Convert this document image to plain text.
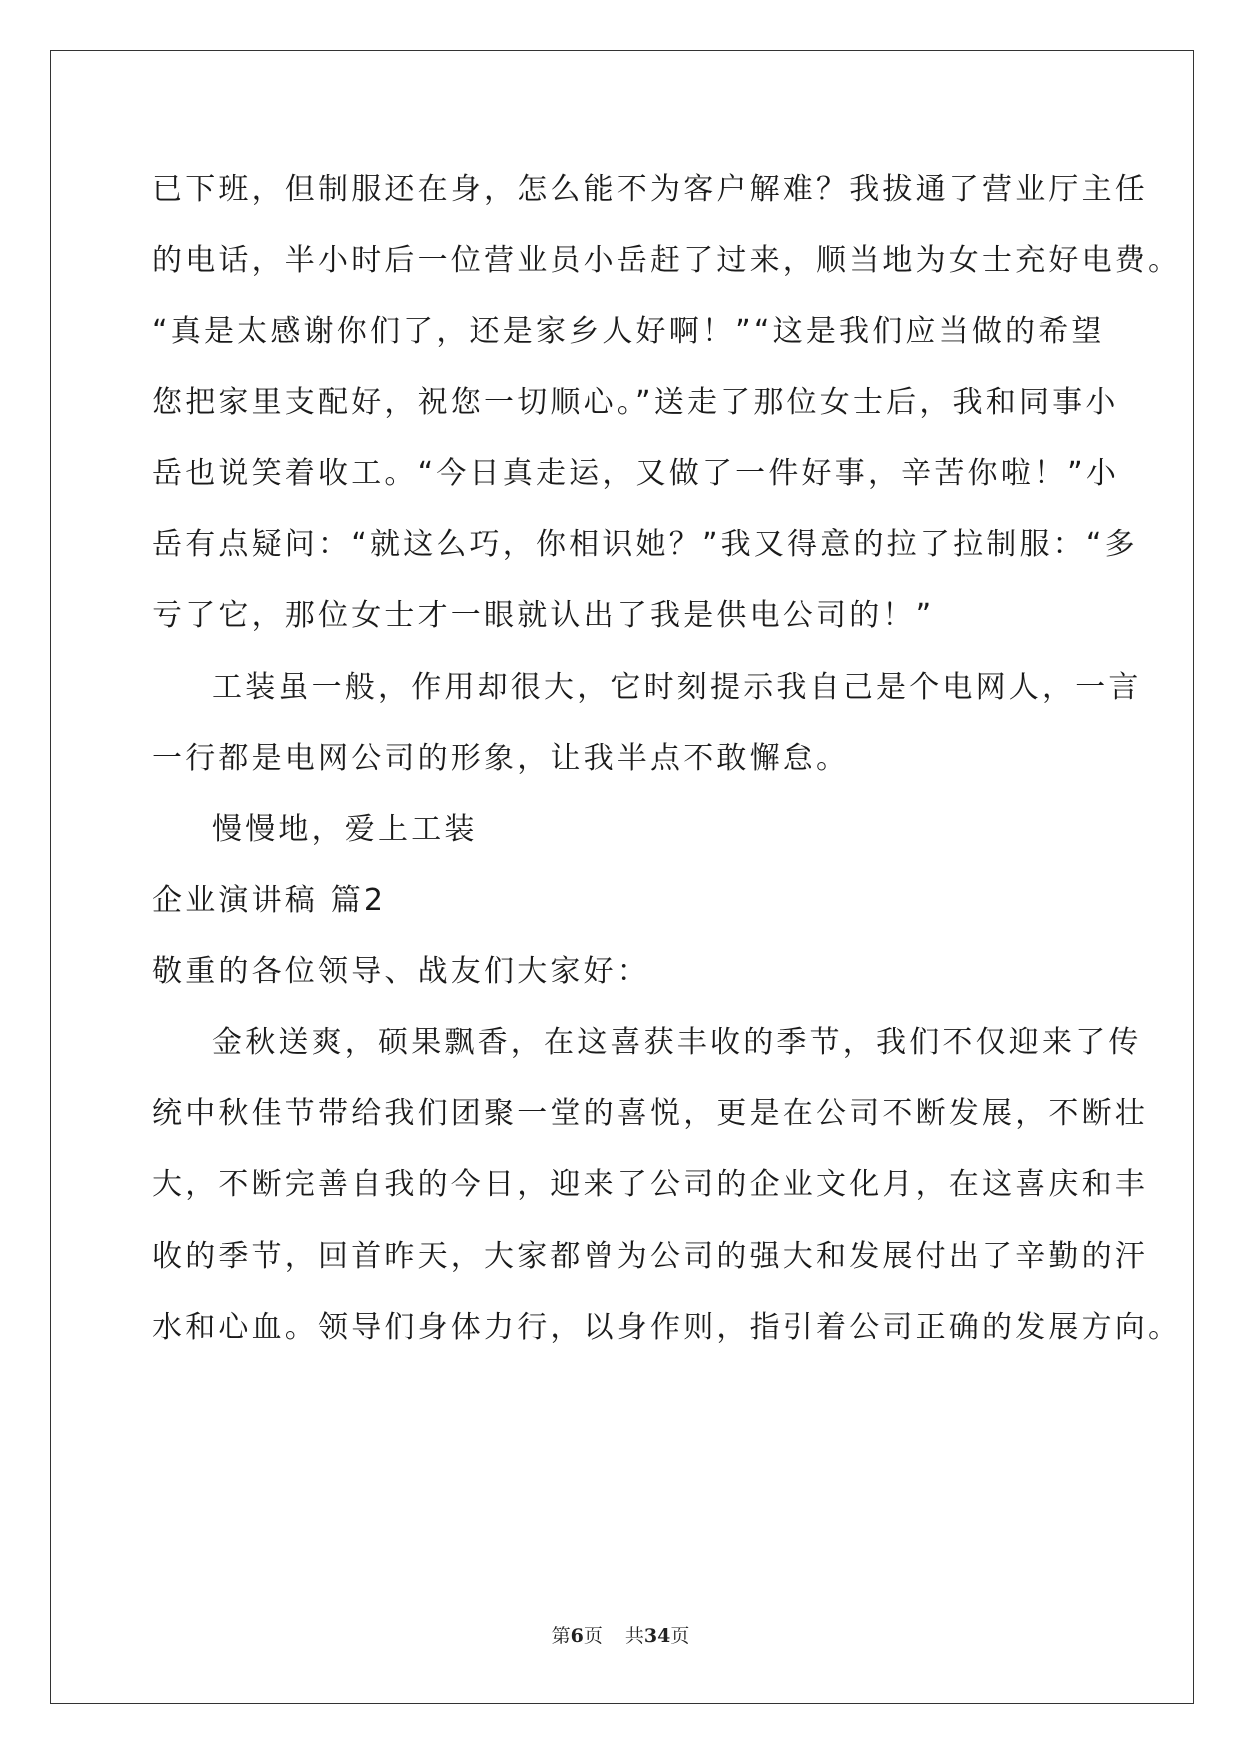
已下班，但制服还在身，怎么能不为客户解难？我拔通了营业厅主任
的电话，半小时后一位营业员小岳赶了过来，顺当地为女士充好电费。
“真是太感谢你们了，还是家乡人好啊！”“这是我们应当做的希望
您把家里支配好，祝您一切顺心。”送走了那位女士后，我和同事小
岳也说笑着收工。“今日真走运，又做了一件好事，辛苦你啦！”小
岳有点疑问：“就这么巧，你相识她？”我又得意的拉了拉制服：“多
亏了它，那位女士才一眼就认出了我是供电公司的！”
工装虽一般，作用却很大，它时刻提示我自己是个电网人，一言
一行都是电网公司的形象，让我半点不敢懈怠。
慢慢地，爱上工装
企业演讲稿 篇2
敬重的各位领导、战友们大家好：
金秋送爽，硕果飘香，在这喜获丰收的季节，我们不仅迎来了传
统中秋佳节带给我们团聚一堂的喜悦，更是在公司不断发展，不断壮
大，不断完善自我的今日，迎来了公司的企业文化月，在这喜庆和丰
收的季节，回首昨天，大家都曾为公司的强大和发展付出了辛勤的汗
水和心血。领导们身体力行，以身作则，指引着公司正确的发展方向。
第6页 共34页
